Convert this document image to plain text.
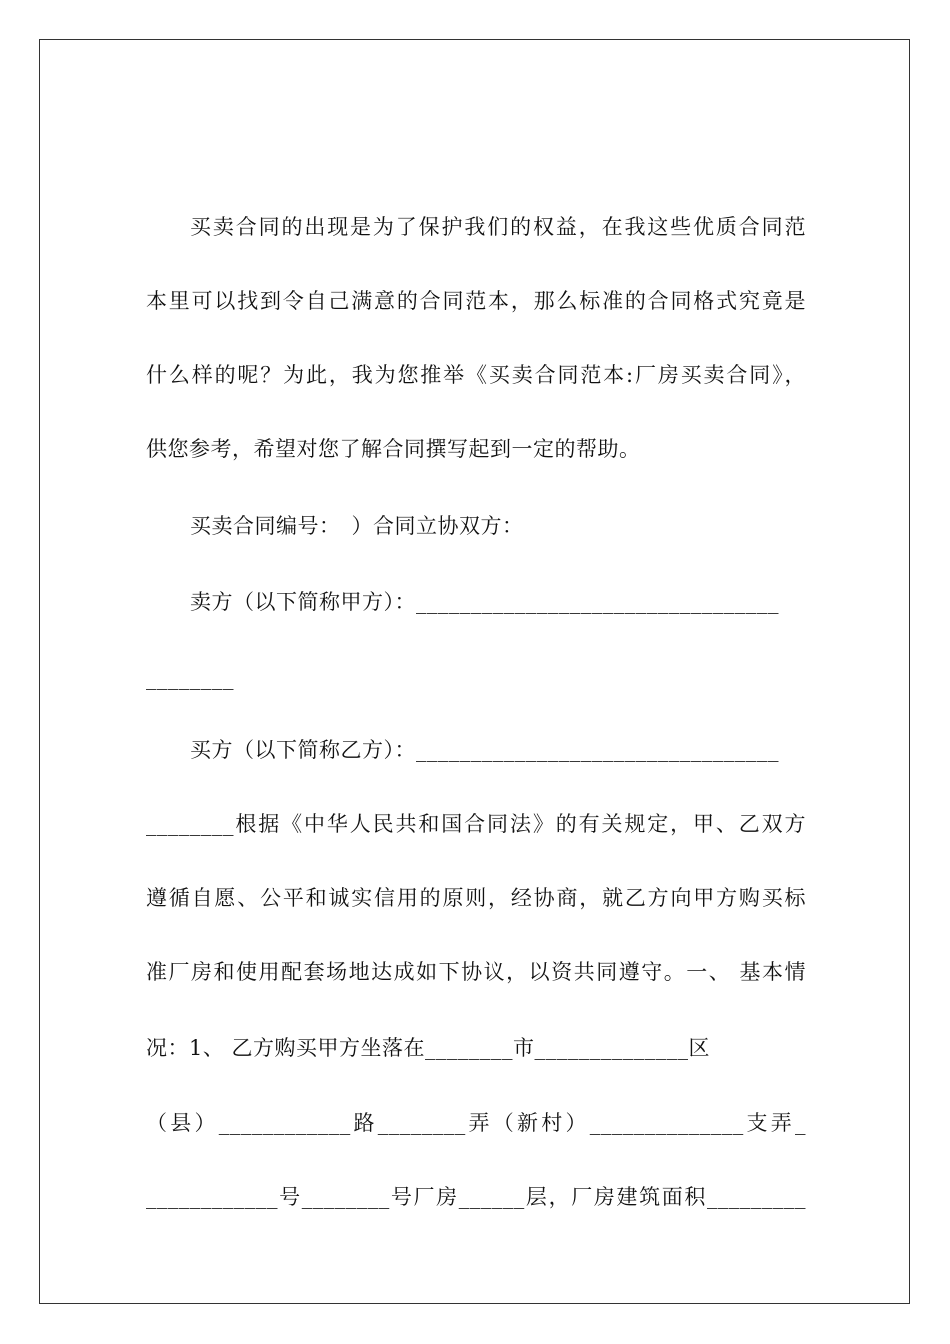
买卖合同的出现是为了保护我们的权益，在我这些优质合同范
本里可以找到令自己满意的合同范本，那么标准的合同格式究竟是
什么样的呢？为此，我为您推举《买卖合同范本:厂房买卖合同》，
供您参考，希望对您了解合同撰写起到一定的帮助。
买卖合同编号：　）合同立协双方：
卖方（以下简称甲方）：_________________________________
________
买方（以下简称乙方）：_________________________________
________根据《中华人民共和国合同法》的有关规定，甲、乙双方
遵循自愿、公平和诚实信用的原则，经协商，就乙方向甲方购买标
准厂房和使用配套场地达成如下协议，以资共同遵守。一、 基本情
况：1、 乙方购买甲方坐落在________市______________区
（县）____________路________弄（新村）______________支弄_
____________号________号厂房______层，厂房建筑面积_________
